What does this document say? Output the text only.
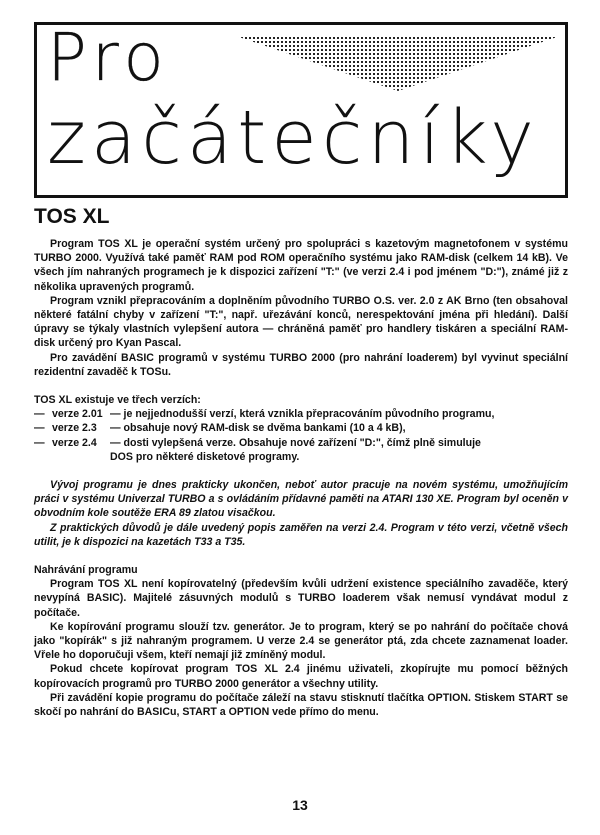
Pro
začátečníky
TOS XL

Program TOS XL je operační systém určený pro spolupráci s kazetovým magnetofonem v systému TURBO 2000. Využívá také paměť RAM pod ROM operačního systému jako RAM-disk (celkem 14 kB). Ve všech jím nahraných programech je k dispozici zařízení "T:" (ve verzi 2.4 i pod jménem "D:"), známé již z několika upravených programů.

Program vznikl přepracováním a doplněním původního TURBO O.S. ver. 2.0 z AK Brno (ten obsahoval některé fatální chyby v zařízení "T:", např. uřezávání konců, nerespektování jména při hledání). Další úpravy se týkaly vlastních vylepšení autora — chráněná paměť pro handlery tiskáren a speciální RAM-disk určený pro Kyan Pascal.

Pro zavádění BASIC programů v systému TURBO 2000 (pro nahrání loaderem) byl vyvinut speciální rezidentní zavaděč k TOSu.

TOS XL existuje ve třech verzích:

— verze 2.01 — je nejjednodušší verzí, která vznikla přepracováním původního programu,
— verze 2.3	— obsahuje nový RAM-disk se dvěma bankami (10 a 4 kB),
— verze 2.4	— dosti vylepšená verze. Obsahuje nové zařízení "D:", čímž plně simuluje
DOS pro některé disketové programy.

Vývoj programu je dnes prakticky ukončen, neboť autor pracuje na novém systému, umožňujícím práci v systému Univerzal TURBO a s ovládáním přídavné paměti na ATARI 130 XE. Program byl oceněn v obvodním kole soutěže ERA 89 zlatou visačkou.

Z praktických důvodů je dále uvedený popis zaměřen na verzi 2.4. Program v této verzi, včetně všech utilit, je k dispozici na kazetách T33 a T35.

Nahrávání programu

Program TOS XL není kopírovatelný (především kvůli udržení existence speciálního zavaděče, který nevypíná BASIC). Majitelé zásuvných modulů s TURBO loaderem však nemusí vyndávat modul z počítače.

Ke kopírování programu slouží tzv. generátor. Je to program, který se po nahrání do počítače chová jako "kopírák" s již nahraným programem. U verze 2.4 se generátor ptá, zda chcete zaznamenat loader. Vřele ho doporučuji všem, kteří nemají již zmíněný modul.

Pokud chcete kopírovat program TOS XL 2.4 jinému uživateli, zkopírujte mu pomocí běžných kopírovacích programů pro TURBO 2000 generátor a všechny utility.

Při zavádění kopie programu do počítače záleží na stavu stisknutí tlačítka OPTION. Stiskem START se skočí po nahrání do BASICu, START a OPTION vede přímo do menu.

13
